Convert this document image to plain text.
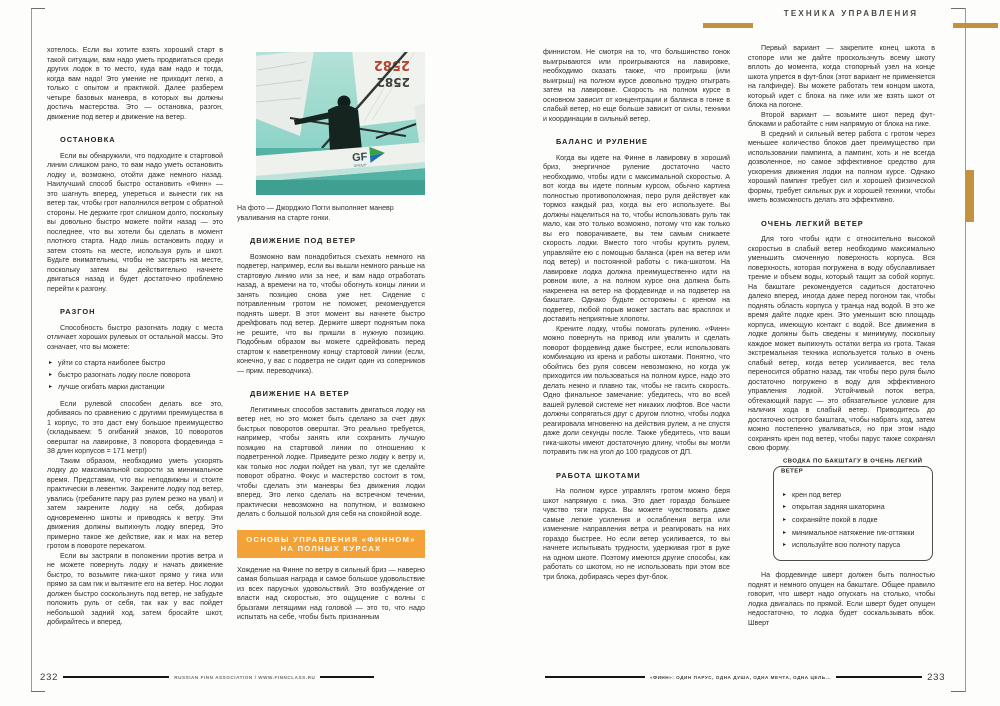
ТЕХНИКА УПРАВЛЕНИЯ

хотелось. Если вы хотите взять хороший старт в такой ситуации, вам надо уметь продвигаться среди других лодок в то место, куда вам надо и тогда, когда вам надо! Это умение не приходит легко, а только с опытом и практикой. Далее разберем четыре базовых маневра, в которых вы должны достичь мастерства. Это — остановка, разгон, движение под ветер и движение на ветер.

ОСТАНОВКА

Если вы обнаружили, что подходите к стартовой линии слишком рано, то вам надо уметь остановить лодку и, возможно, отойти даже немного назад. Наилучший способ быстро остановить «Финн» — это шагнуть вперед, упереться и вынести гик на ветер так, чтобы грот наполнился ветром с обратной стороны. Не держите грот слишком долго, поскольку вы довольно быстро можете пойти назад — это последнее, что вы хотели бы сделать в момент плотного старта. Надо лишь остановить лодку и затем стоять на месте, используя руль и шкот. Будьте внимательны, чтобы не застрять на месте, поскольку затем вы действительно начнете двигаться назад и будет достаточно проблемно перейти к разгону.

РАЗГОН

Способность быстро разогнать лодку с места отличает хороших рулевых от остальной массы. Это означает, что вы можете:

▸ уйти со старта наиболее быстро
▸ быстро разогнать лодку после поворота
▸ лучше огибать марки дистанции

Если рулевой способен делать все это, добиваясь по сравнению с другими преимущества в 1 корпус, то это даст ему большое преимущество (складываем: 5 огибаний знаков, 10 поворотов оверштаг на лавировке, 3 поворота фордевинда = 38 длин корпусов = 171 метр!)

Таким образом, необходимо уметь ускорять лодку до максимальной скорости за минимальное время. Представим, что вы неподвижны и стоите практически в левентик. Закрените лодку под ветер, увались (гребаните пару раз рулем резко на увал) и затем закрените лодку на себя, добирая одновременно шкоты и приводясь к ветру. Эти движения должны выпихнуть лодку вперед. Это примерно такое же действие, как и мах на ветер гротом в повороте перекатом.

Если вы застряли в положении против ветра и не можете повернуть лодку и начать движение быстро, то возьмите гика-шкот прямо у гика или прямо за сам гик и вытяните его на ветер. Нос лодки должен быстро соскользнуть под ветер, не забудьте положить руль от себя, так как у вас пойдет небольшой задний ход, затем бросайте шкот, добирайтесь и вперед.

2582
2582
GF
GROUP
На фото — Джорджио Погги выполняет маневр уваливания на старте гонки.
ДВИЖЕНИЕ ПОД ВЕТЕР

Возможно вам понадобиться съехать немного на подветер, например, если вы вышли немного раньше на стартовую линию или за нее, и вам надо отработать назад, а времени на то, чтобы обогнуть концы линии и занять позицию снова уже нет. Сидение с потравленным гротом не поможет, рекомендуется поднять шверт. В этот момент вы начнете быстро дрейфовать под ветер. Держите шверт поднятым пока не решите, что вы пришли в нужную позицию. Подобным образом вы можете сдрейфовать перед стартом к наветренному концу стартовой линии (если, конечно, у вас с подветра не сидит один из соперников — прим. переводчика).

ДВИЖЕНИЕ НА ВЕТЕР

Легитимных способов заставить двигаться лодку на ветер нет, но это может быть сделано за счет двух быстрых поворотов оверштаг. Это реально требуется, например, чтобы занять или сохранить лучшую позицию на стартовой линии по отношению к подветренной лодке. Приведите резко лодку к ветру и, как только нос лодки пойдет на увал, тут же сделайте поворот обратно. Фокус и мастерство состоит в том, чтобы сделать эти маневры без движения лодки вперед. Это легко сделать на встречном течении, практически невозможно на попутном, и возможно делать с большой пользой для себя на спокойной воде.

ОСНОВЫ УПРАВЛЕНИЯ «ФИННОМ»
НА ПОЛНЫХ КУРСАХ

Хождение на Финне по ветру в сильный бриз — наверно самая большая награда и самое большое удовольствие из всех парусных удовольствий. Это возбуждение от власти над скоростью, это ощущение с волны с брызгами летящими над головой — это то, что надо испытать на себе, чтобы быть признанным

232	RUSSIAN FINN ASSOCIATION / WWW.FINNCLASS.RU

финнистом. Не смотря на то, что большинство гонок выигрываются или проигрываются на лавировке, необходимо сказать также, что проигрыш (или выигрыш) на полном курсе довольно трудно отыграть затем на лавировке. Скорость на полном курсе в основном зависит от концентрации и баланса в гонке в слабый ветер, но еще больше зависит от силы, техники и координации в сильный ветер.

БАЛАНС И РУЛЕНИЕ

Когда вы идете на Финне в лавировку в хороший бриз, энергичное руление достаточно часто необходимо, чтобы идти с максимальной скоростью. А вот когда вы идете полным курсом, обычно картина полностью противоположная, перо руля действует как тормоз каждый раз, когда вы его используете. Вы должны нацелиться на то, чтобы использовать руль так мало, как это только возможно, потому что как только вы его поворачиваете, вы тем самым снижаете скорость лодки. Вместо того чтобы крутить рулем, управляйте ею с помощью баланса (крен на ветер или под ветер) и постоянной работы с гика-шкотом. На лавировке лодка должна преимущественно идти на ровном киле, а на полном курсе она должна быть накренена на ветер на фордевинде и на подветер на бакштаге. Однако будьте осторожны с креном на подветер, любой порыв может застать вас врасплох и доставить неприятные хлопоты.

Крените лодку, чтобы помогать рулению. «Финн» можно повернуть на привод или увалить и сделать поворот фордевинд даже быстрее, если использовать комбинацию из крена и работы шкотами. Понятно, что обойтись без руля совсем невозможно, но когда уж приходится им пользоваться на полном курсе, надо это делать нежно и плавно так, чтобы не гасить скорость. Одно финальное замечание: убедитесь, что во всей вашей рулевой системе нет никаких люфтов. Все части должны сопрягаться друг с другом плотно, чтобы лодка реагировала мгновенно на действия рулем, а не спустя даже доли секунды после. Также убедитесь, что ваши гика-шкоты имеют достаточную длину, чтобы вы могли потравить гик на угол до 100 градусов от ДП.

РАБОТА ШКОТАМИ

На полном курсе управлять гротом можно беря шкот напрямую с гика. Это дает гораздо большее чувство тяги паруса. Вы можете чувствовать даже самые легкие усиления и ослабления ветра или изменение направления ветра и реагировать на них гораздо быстрее. Но если ветер усиливается, то вы начнете испытывать трудности, удерживая грот в руке на одном шкоте. Поэтому имеются другие способы, как работать со шкотом, но не использовать при этом все три блока, добираясь через фут-блок.

Первый вариант — закрепите конец шкота в стопоре или же дайте проскользнуть всему шкоту вплоть до момента, когда стопорный узел на конце шкота упрется в фут-блок (этот вариант не применяется на галфинде). Вы можете работать тем концом шкота, который идет с блока на гике или же взять шкот от блока на погоне.

Второй вариант — возьмите шкот перед фут-блоками и работайте с ним напрямую от блока на гике.

В средний и сильный ветер работа с гротом через меньшее количество блоков дает преимущество при использовании пампинга, а пампинг, хоть и не всегда дозволенное, но самое эффективное средство для ускорения движения лодки на полном курсе. Однако хороший пампинг требует сил и хорошей физической формы, требует сильных рук и хорошей техники, чтобы иметь возможность делать это эффективно.

ОЧЕНЬ ЛЕГКИЙ ВЕТЕР

Для того чтобы идти с относительно высокой скоростью в слабый ветер необходимо максимально уменьшить смоченную поверхность корпуса. Вся поверхность, которая погружена в воду обуславливает трение и объем воды, который тащит за собой корпус. На бакштаге рекомендуется садиться достаточно далеко вперед, иногда даже перед погоном так, чтобы поднять область корпуса у транца над водой. В это же время дайте лодке крен. Это уменьшит всю площадь корпуса, имеющую контакт с водой. Все движения в лодке должны быть сведены к минимуму, поскольку каждое может выпихнуть остатки ветра из грота. Такая экстремальная техника используется только в очень слабый ветер, когда ветер усиливается, вес тела переносится обратно назад, так чтобы перо руля было достаточно погружено в воду для эффективного управления лодкой. Устойчивый поток ветра, обтекающий парус — это обязательное условие для наличия хода в слабый ветер. Приводитесь до достаточно острого бакштага, чтобы набрать ход, затем можно постепенно уваливаться, но при этом надо сохранять крен под ветер, чтобы парус также сохранял свою форму.

СВОДКА ПО БАКШТАГУ В ОЧЕНЬ ЛЕГКИЙ ВЕТЕР
▸ крен под ветер
▸ открытая задняя шкаторина
▸ сохраняйте покой в лодке
▸ минимальное натяжение гик-оттяжки
▸ используйте всю полноту паруса

На фордевинде шверт должен быть полностью поднят и немного опущен на бакштаге. Общее правило говорит, что шверт надо опускать на столько, чтобы лодка двигалась по прямой. Если шверт будет опущен недостаточно, то лодка будет соскальзывать вбок. Шверт

«ФИНН»: ОДИН ПАРУС, ОДНА ДУША, ОДНА МЕЧТА, ОДНА ЦЕЛЬ...	233
